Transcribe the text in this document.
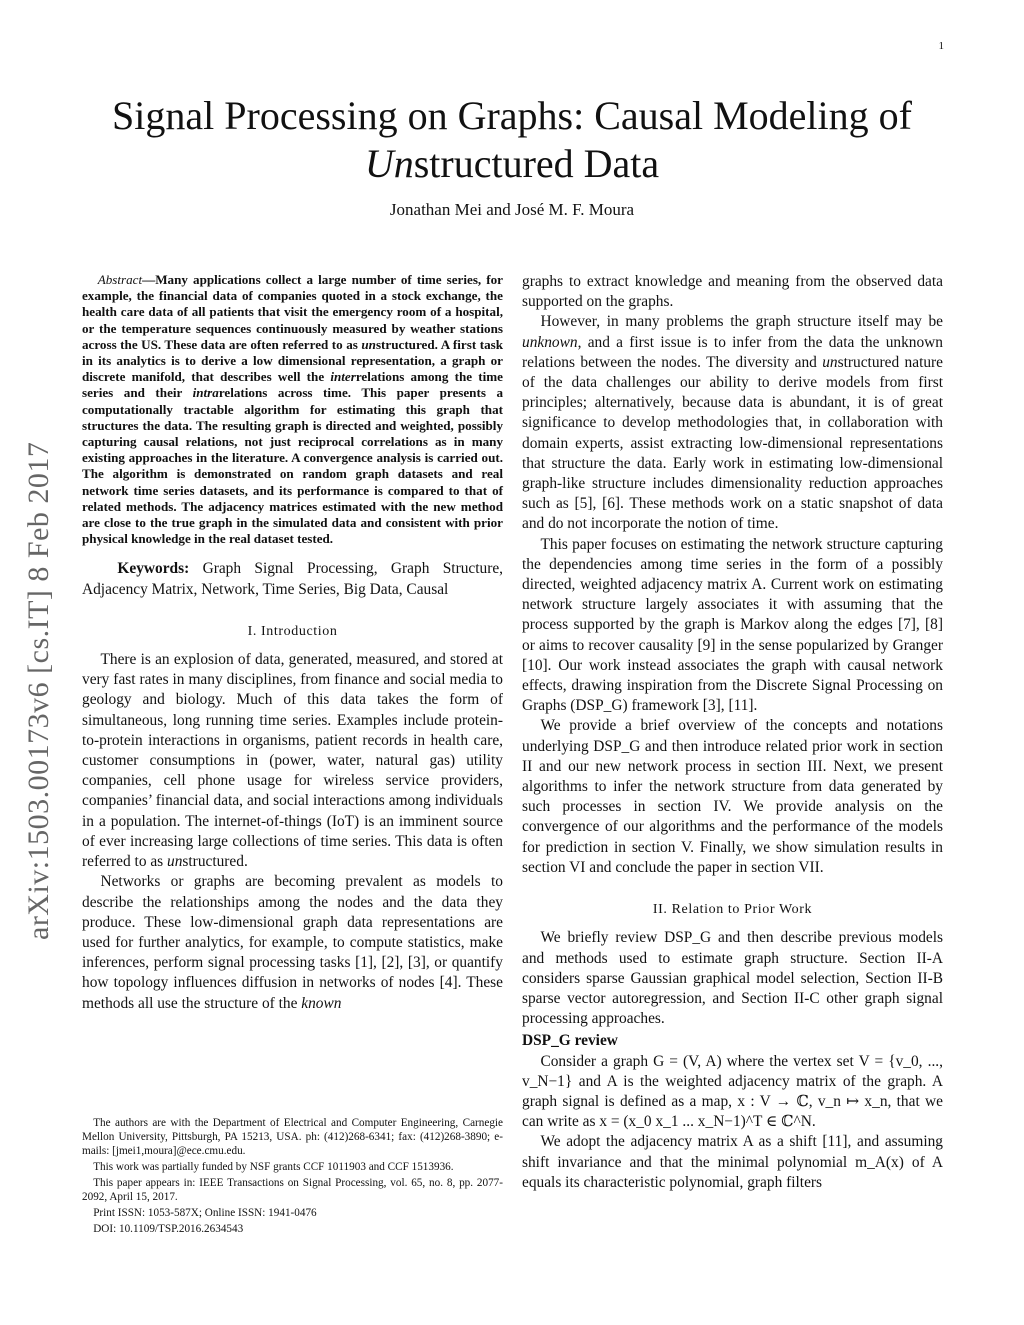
1
arXiv:1503.00173v6 [cs.IT] 8 Feb 2017
Signal Processing on Graphs: Causal Modeling of
Unstructured Data
Jonathan Mei and José M. F. Moura

Abstract—Many applications collect a large number of time series, for example, the financial data of companies quoted in a stock exchange, the health care data of all patients that visit the emergency room of a hospital, or the temperature sequences continuously measured by weather stations across the US. These data are often referred to as unstructured. A first task in its analytics is to derive a low dimensional representation, a graph or discrete manifold, that describes well the interrelations among the time series and their intrarelations across time. This paper presents a computationally tractable algorithm for estimating this graph that structures the data. The resulting graph is directed and weighted, possibly capturing causal relations, not just reciprocal correlations as in many existing approaches in the literature. A convergence analysis is carried out. The algorithm is demonstrated on random graph datasets and real network time series datasets, and its performance is compared to that of related methods. The adjacency matrices estimated with the new method are close to the true graph in the simulated data and consistent with prior physical knowledge in the real dataset tested.

Keywords: Graph Signal Processing, Graph Structure, Adjacency Matrix, Network, Time Series, Big Data, Causal

I. Introduction

There is an explosion of data, generated, measured, and stored at very fast rates in many disciplines, from finance and social media to geology and biology. Much of this data takes the form of simultaneous, long running time series. Examples include protein-to-protein interactions in organisms, patient records in health care, customer consumptions in (power, water, natural gas) utility companies, cell phone usage for wireless service providers, companies’ financial data, and social interactions among individuals in a population. The internet-of-things (IoT) is an imminent source of ever increasing large collections of time series. This data is often referred to as unstructured.

Networks or graphs are becoming prevalent as models to describe the relationships among the nodes and the data they produce. These low-dimensional graph data representations are used for further analytics, for example, to compute statistics, make inferences, perform signal processing tasks [1], [2], [3], or quantify how topology influences diffusion in networks of nodes [4]. These methods all use the structure of the known

The authors are with the Department of Electrical and Computer Engineering, Carnegie Mellon University, Pittsburgh, PA 15213, USA. ph: (412)268-6341; fax: (412)268-3890; e-mails: [jmei1,moura]@ece.cmu.edu.

This work was partially funded by NSF grants CCF 1011903 and CCF 1513936.

This paper appears in: IEEE Transactions on Signal Processing, vol. 65, no. 8, pp. 2077-2092, April 15, 2017.

Print ISSN: 1053-587X; Online ISSN: 1941-0476

DOI: 10.1109/TSP.2016.2634543

graphs to extract knowledge and meaning from the observed data supported on the graphs.

However, in many problems the graph structure itself may be unknown, and a first issue is to infer from the data the unknown relations between the nodes. The diversity and unstructured nature of the data challenges our ability to derive models from first principles; alternatively, because data is abundant, it is of great significance to develop methodologies that, in collaboration with domain experts, assist extracting low-dimensional representations that structure the data. Early work in estimating low-dimensional graph-like structure includes dimensionality reduction approaches such as [5], [6]. These methods work on a static snapshot of data and do not incorporate the notion of time.

This paper focuses on estimating the network structure capturing the dependencies among time series in the form of a possibly directed, weighted adjacency matrix A. Current work on estimating network structure largely associates it with assuming that the process supported by the graph is Markov along the edges [7], [8] or aims to recover causality [9] in the sense popularized by Granger [10]. Our work instead associates the graph with causal network effects, drawing inspiration from the Discrete Signal Processing on Graphs (DSP_G) framework [3], [11].

We provide a brief overview of the concepts and notations underlying DSP_G and then introduce related prior work in section II and our new network process in section III. Next, we present algorithms to infer the network structure from data generated by such processes in section IV. We provide analysis on the convergence of our algorithms and the performance of the models for prediction in section V. Finally, we show simulation results in section VI and conclude the paper in section VII.

II. Relation to Prior Work

We briefly review DSP_G and then describe previous models and methods used to estimate graph structure. Section II-A considers sparse Gaussian graphical model selection, Section II-B sparse vector autoregression, and Section II-C other graph signal processing approaches.

DSP_G review

Consider a graph G = (V, A) where the vertex set V = {v_0, ..., v_N−1} and A is the weighted adjacency matrix of the graph. A graph signal is defined as a map, x : V → ℂ, v_n ↦ x_n, that we can write as x = (x_0 x_1 ... x_N−1)^T ∈ ℂ^N.

We adopt the adjacency matrix A as a shift [11], and assuming shift invariance and that the minimal polynomial m_A(x) of A equals its characteristic polynomial, graph filters
